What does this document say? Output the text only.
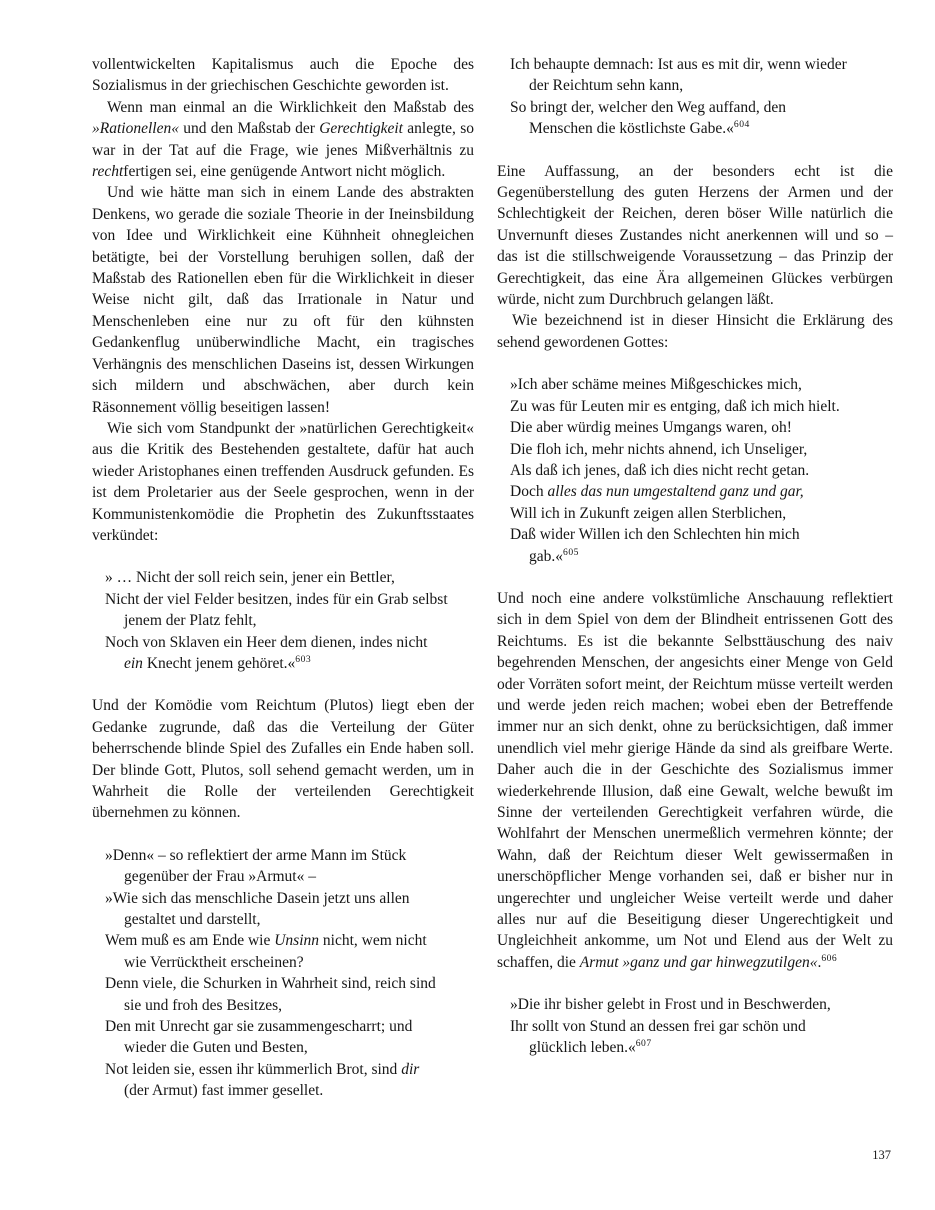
vollentwickelten Kapitalismus auch die Epoche des Sozialismus in der griechischen Geschichte geworden ist.

Wenn man einmal an die Wirklichkeit den Maßstab des »Rationellen« und den Maßstab der Gerechtigkeit anlegte, so war in der Tat auf die Frage, wie jenes Mißverhältnis zu rechtfertigen sei, eine genügende Antwort nicht möglich.

Und wie hätte man sich in einem Lande des abstrakten Denkens, wo gerade die soziale Theorie in der Ineinsbildung von Idee und Wirklichkeit eine Kühnheit ohnegleichen betätigte, bei der Vorstellung beruhigen sollen, daß der Maßstab des Rationellen eben für die Wirklichkeit in dieser Weise nicht gilt, daß das Irrationale in Natur und Menschenleben eine nur zu oft für den kühnsten Gedankenflug unüberwindliche Macht, ein tragisches Verhängnis des menschlichen Daseins ist, dessen Wirkungen sich mildern und abschwächen, aber durch kein Räsonnement völlig beseitigen lassen!

Wie sich vom Standpunkt der »natürlichen Gerechtigkeit« aus die Kritik des Bestehenden gestaltete, dafür hat auch wieder Aristophanes einen treffenden Ausdruck gefunden. Es ist dem Proletarier aus der Seele gesprochen, wenn in der Kommunistenkomödie die Prophetin des Zukunftsstaates verkündet:

» … Nicht der soll reich sein, jener ein Bettler,
Nicht der viel Felder besitzen, indes für ein Grab selbst
jenem der Platz fehlt,
Noch von Sklaven ein Heer dem dienen, indes nicht
ein Knecht jenem gehöret.«$^{603}$

Und der Komödie vom Reichtum (Plutos) liegt eben der Gedanke zugrunde, daß das die Verteilung der Güter beherrschende blinde Spiel des Zufalles ein Ende haben soll. Der blinde Gott, Plutos, soll sehend gemacht werden, um in Wahrheit die Rolle der verteilenden Gerechtigkeit übernehmen zu können.

»Denn« – so reflektiert der arme Mann im Stück
gegenüber der Frau »Armut« –
»Wie sich das menschliche Dasein jetzt uns allen
gestaltet und darstellt,
Wem muß es am Ende wie Unsinn nicht, wem nicht
wie Verrücktheit erscheinen?
Denn viele, die Schurken in Wahrheit sind, reich sind
sie und froh des Besitzes,
Den mit Unrecht gar sie zusammengescharrt; und
wieder die Guten und Besten,
Not leiden sie, essen ihr kümmerlich Brot, sind dir
(der Armut) fast immer gesellet.
Ich behaupte demnach: Ist aus es mit dir, wenn wieder
der Reichtum sehn kann,
So bringt der, welcher den Weg auffand, den
Menschen die köstlichste Gabe.«$^{604}$

Eine Auffassung, an der besonders echt ist die Gegenüberstellung des guten Herzens der Armen und der Schlechtigkeit der Reichen, deren böser Wille natürlich die Unvernunft dieses Zustandes nicht anerkennen will und so – das ist die stillschweigende Voraussetzung – das Prinzip der Gerechtigkeit, das eine Ära allgemeinen Glückes verbürgen würde, nicht zum Durchbruch gelangen läßt.

Wie bezeichnend ist in dieser Hinsicht die Erklärung des sehend gewordenen Gottes:

»Ich aber schäme meines Mißgeschickes mich,
Zu was für Leuten mir es entging, daß ich mich hielt.
Die aber würdig meines Umgangs waren, oh!
Die floh ich, mehr nichts ahnend, ich Unseliger,
Als daß ich jenes, daß ich dies nicht recht getan.
Doch alles das nun umgestaltend ganz und gar,
Will ich in Zukunft zeigen allen Sterblichen,
Daß wider Willen ich den Schlechten hin mich
gab.«$^{605}$

Und noch eine andere volkstümliche Anschauung reflektiert sich in dem Spiel von dem der Blindheit entrissenen Gott des Reichtums. Es ist die bekannte Selbsttäuschung des naiv begehrenden Menschen, der angesichts einer Menge von Geld oder Vorräten sofort meint, der Reichtum müsse verteilt werden und werde jeden reich machen; wobei eben der Betreffende immer nur an sich denkt, ohne zu berücksichtigen, daß immer unendlich viel mehr gierige Hände da sind als greifbare Werte. Daher auch die in der Geschichte des Sozialismus immer wiederkehrende Illusion, daß eine Gewalt, welche bewußt im Sinne der verteilenden Gerechtigkeit verfahren würde, die Wohlfahrt der Menschen unermeßlich vermehren könnte; der Wahn, daß der Reichtum dieser Welt gewissermaßen in unerschöpflicher Menge vorhanden sei, daß er bisher nur in ungerechter und ungleicher Weise verteilt werde und daher alles nur auf die Beseitigung dieser Ungerechtigkeit und Ungleichheit ankomme, um Not und Elend aus der Welt zu schaffen, die Armut »ganz und gar hinwegzutilgen«.$^{606}$

»Die ihr bisher gelebt in Frost und in Beschwerden,
Ihr sollt von Stund an dessen frei gar schön und
glücklich leben.«$^{607}$
137
